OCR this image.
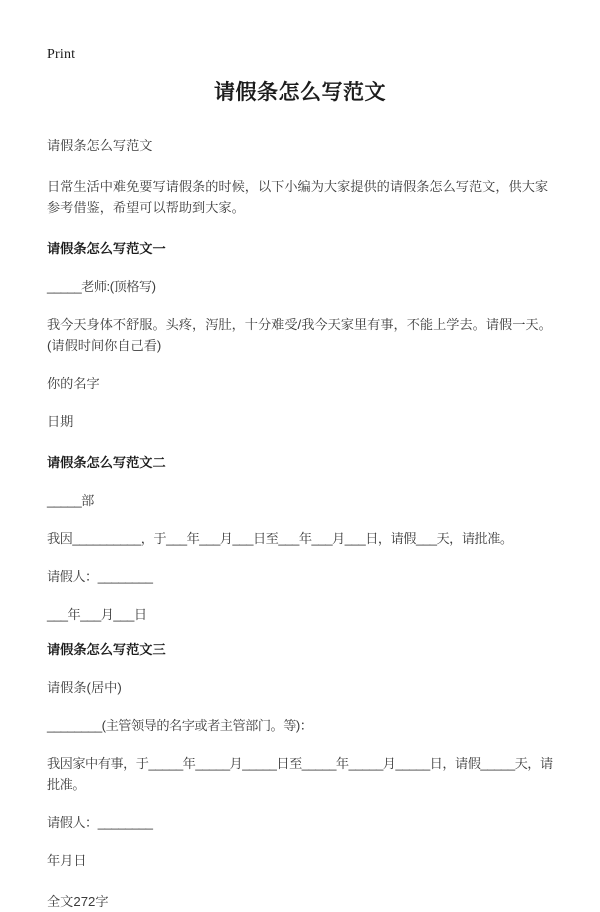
Print
请假条怎么写范文

请假条怎么写范文

日常生活中难免要写请假条的时候，以下小编为大家提供的请假条怎么写范文，供大家参考借鉴，希望可以帮助到大家。

请假条怎么写范文一

_____老师:(顶格写)

我今天身体不舒服。头疼，泻肚，十分难受/我今天家里有事，不能上学去。请假一天。(请假时间你自己看)

你的名字

日期

请假条怎么写范文二

_____部

我因__________，于___年___月___日至___年___月___日，请假___天，请批准。

请假人：________

___年___月___日

请假条怎么写范文三

请假条(居中)

________(主管领导的名字或者主管部门。等)：

我因家中有事，于_____年_____月_____日至_____年_____月_____日，请假_____天，请批准。

请假人：________

年月日

全文272字
